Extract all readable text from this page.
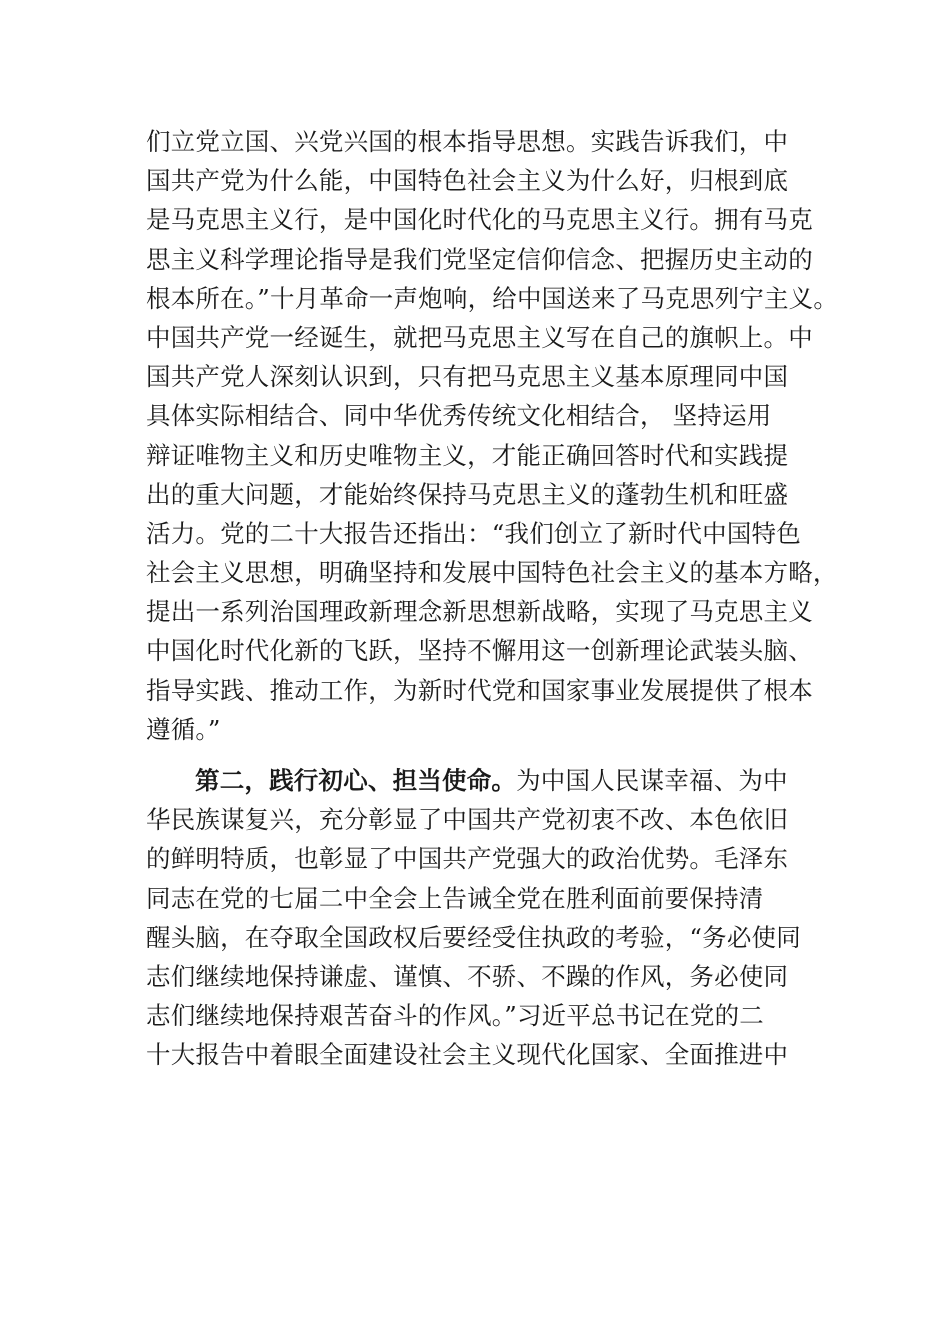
们立党立国、兴党兴国的根本指导思想。实践告诉我们，中
国共产党为什么能，中国特色社会主义为什么好，归根到底
是马克思主义行，是中国化时代化的马克思主义行。拥有马克
思主义科学理论指导是我们党坚定信仰信念、把握历史主动的
根本所在。”十月革命一声炮响，给中国送来了马克思列宁主义。
中国共产党一经诞生，就把马克思主义写在自己的旗帜上。中
国共产党人深刻认识到，只有把马克思主义基本原理同中国
具体实际相结合、同中华优秀传统文化相结合， 坚持运用
辩证唯物主义和历史唯物主义，才能正确回答时代和实践提
出的重大问题，才能始终保持马克思主义的蓬勃生机和旺盛
活力。党的二十大报告还指出：“我们创立了新时代中国特色
社会主义思想，明确坚持和发展中国特色社会主义的基本方略，
提出一系列治国理政新理念新思想新战略，实现了马克思主义
中国化时代化新的飞跃，坚持不懈用这一创新理论武装头脑、
指导实践、推动工作，为新时代党和国家事业发展提供了根本
遵循。”
第二，践行初心、担当使命。为中国人民谋幸福、为中
华民族谋复兴，充分彰显了中国共产党初衷不改、本色依旧
的鲜明特质，也彰显了中国共产党强大的政治优势。毛泽东
同志在党的七届二中全会上告诫全党在胜利面前要保持清
醒头脑，在夺取全国政权后要经受住执政的考验，“务必使同
志们继续地保持谦虚、谨慎、不骄、不躁的作风，务必使同
志们继续地保持艰苦奋斗的作风。”习近平总书记在党的二
十大报告中着眼全面建设社会主义现代化国家、全面推进中
